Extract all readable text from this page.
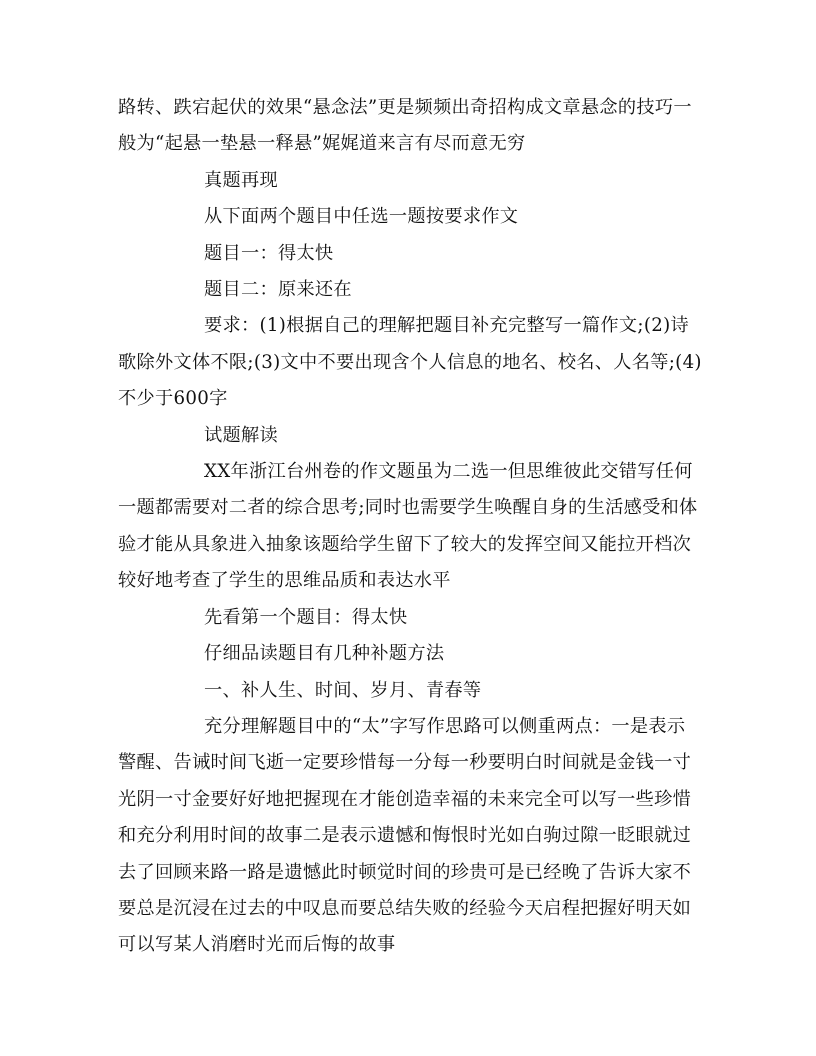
路转、跌宕起伏的效果“悬念法”更是频频出奇招构成文章悬念的技巧一般为“起悬一垫悬一释悬”娓娓道来言有尽而意无穷

真题再现

从下面两个题目中任选一题按要求作文

题目一：得太快

题目二：原来还在

要求：(1)根据自己的理解把题目补充完整写一篇作文;(2)诗歌除外文体不限;(3)文中不要出现含个人信息的地名、校名、人名等;(4)不少于600字

试题解读

XX年浙江台州卷的作文题虽为二选一但思维彼此交错写任何一题都需要对二者的综合思考;同时也需要学生唤醒自身的生活感受和体验才能从具象进入抽象该题给学生留下了较大的发挥空间又能拉开档次较好地考查了学生的思维品质和表达水平

先看第一个题目：得太快

仔细品读题目有几种补题方法

一、补人生、时间、岁月、青春等

充分理解题目中的“太”字写作思路可以侧重两点：一是表示警醒、告诫时间飞逝一定要珍惜每一分每一秒要明白时间就是金钱一寸光阴一寸金要好好地把握现在才能创造幸福的未来完全可以写一些珍惜和充分利用时间的故事二是表示遗憾和悔恨时光如白驹过隙一眨眼就过去了回顾来路一路是遗憾此时顿觉时间的珍贵可是已经晚了告诉大家不要总是沉浸在过去的中叹息而要总结失败的经验今天启程把握好明天如可以写某人消磨时光而后悔的故事
